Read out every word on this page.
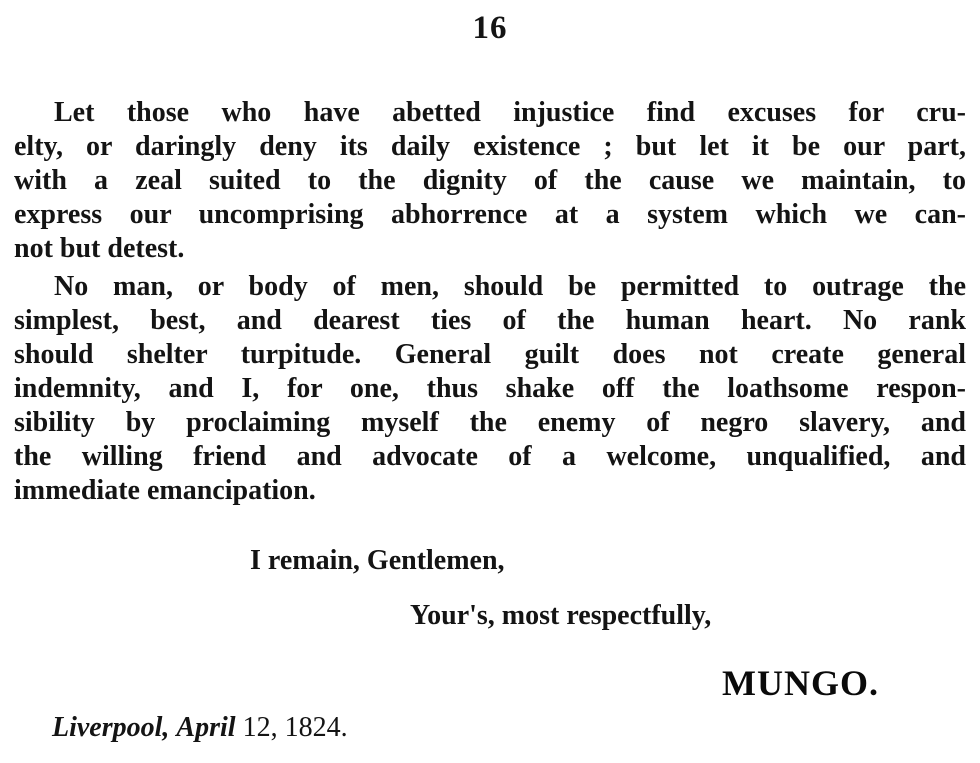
16
Let those who have abetted injustice find excuses for cru-
elty, or daringly deny its daily existence ; but let it be our part,
with a zeal suited to the dignity of the cause we maintain, to
express our uncomprising abhorrence at a system which we can-
not but detest.
No man, or body of men, should be permitted to outrage the
simplest, best, and dearest ties of the human heart. No rank
should shelter turpitude. General guilt does not create general
indemnity, and I, for one, thus shake off the loathsome respon-
sibility by proclaiming myself the enemy of negro slavery, and
the willing friend and advocate of a welcome, unqualified, and
immediate emancipation.
I remain, Gentlemen,
Your's, most respectfully,
MUNGO.
Liverpool, April 12, 1824.
